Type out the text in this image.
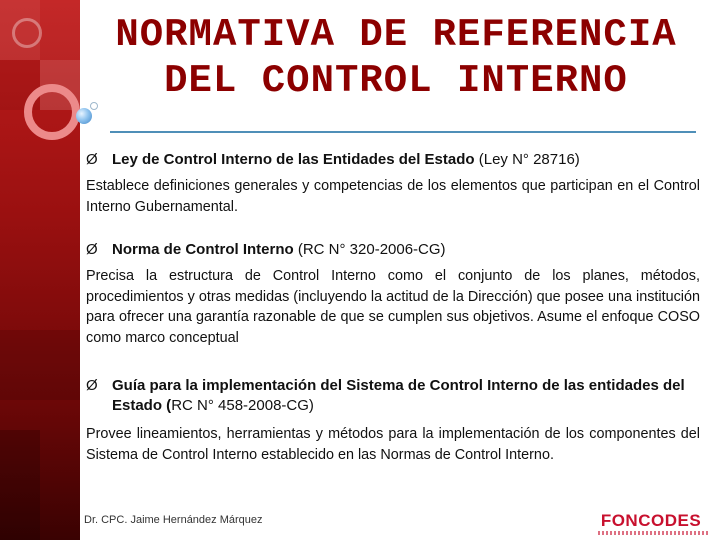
NORMATIVA DE REFERENCIA
DEL CONTROL INTERNO
Ø Ley de Control Interno de las Entidades del Estado (Ley N° 28716)
Establece definiciones generales y competencias de los elementos que participan en el Control Interno Gubernamental.
Ø Norma de Control Interno (RC N° 320-2006-CG)
Precisa la estructura de Control Interno como el conjunto de los planes, métodos, procedimientos y otras medidas (incluyendo la actitud de la Dirección) que posee una institución para ofrecer una garantía razonable de que se cumplen sus objetivos. Asume el enfoque COSO como marco conceptual
Ø Guía para la implementación del Sistema de Control Interno de las entidades del Estado (RC N° 458-2008-CG)
Provee lineamientos, herramientas y métodos para la implementación de los componentes del Sistema de Control Interno establecido en las Normas de Control Interno.
Dr. CPC. Jaime Hernández Márquez	FONCODES
